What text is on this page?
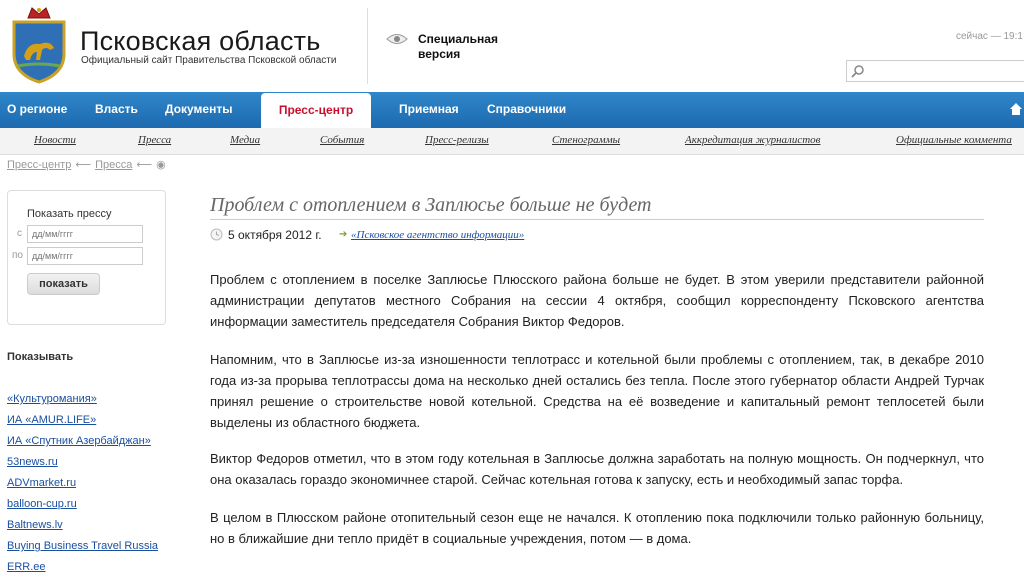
Псковская область
Официальный сайт Правительства Псковской области
Специальная версия
сейчас — 19:1
О регионе Власть Документы	Приемная Справочники
Пресс-центр
Новости	Пресса	Медиа	События	Пресс-релизы	Стенограммы	Аккредитация журналистов	Официальные коммента
Пресс-центр ⟵ Пресса ⟵ ◉
Показать прессу
с
дд/мм/гггг
по
дд/мм/гггг
показать
Показывать
«Культуромания»
ИА «AMUR.LIFE»
ИА «Спутник Азербайджан»
53news.ru
ADVmarket.ru
balloon-cup.ru
Baltnews.lv
Buying Business Travel Russia
ERR.ee
Проблем с отоплением в Заплюсье больше не будет
5 октября 2012 г. ➔ «Псковское агентство информации»

Проблем с отоплением в поселке Заплюсье Плюсского района больше не будет. В этом уверили представители районной администрации депутатов местного Собрания на сессии 4 октября, сообщил корреспонденту Псковского агентства информации заместитель председателя Собрания Виктор Федоров.

Напомним, что в Заплюсье из-за изношенности теплотрасс и котельной были проблемы с отоплением, так, в декабре 2010 года из-за прорыва теплотрассы дома на несколько дней остались без тепла. После этого губернатор области Андрей Турчак принял решение о строительстве новой котельной. Средства на её возведение и капитальный ремонт теплосетей были выделены из областного бюджета.

Виктор Федоров отметил, что в этом году котельная в Заплюсье должна заработать на полную мощность. Он подчеркнул, что она оказалась гораздо экономичнее старой. Сейчас котельная готова к запуску, есть и необходимый запас торфа.

В целом в Плюсском районе отопительный сезон еще не начался. К отоплению пока подключили только районную больницу, но в ближайшие дни тепло придёт в социальные учреждения, потом — в дома.
